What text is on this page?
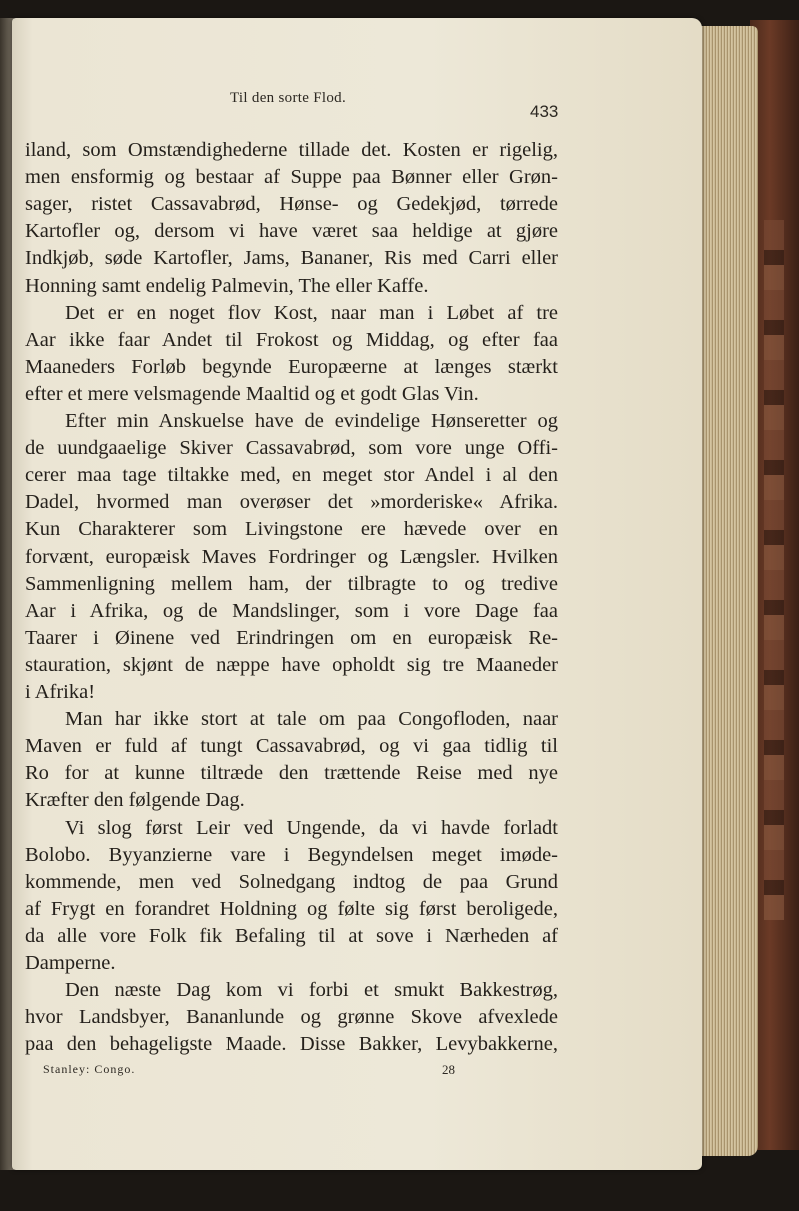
Til den sorte Flod.
433
iland, som Omstændighederne tillade det. Kosten er rigelig,
men ensformig og bestaar af Suppe paa Bønner eller Grøn-
sager, ristet Cassavabrød, Hønse- og Gedekjød, tørrede
Kartofler og, dersom vi have været saa heldige at gjøre
Indkjøb, søde Kartofler, Jams, Bananer, Ris med Carri eller
Honning samt endelig Palmevin, The eller Kaffe.
Det er en noget flov Kost, naar man i Løbet af tre
Aar ikke faar Andet til Frokost og Middag, og efter faa
Maaneders Forløb begynde Europæerne at længes stærkt
efter et mere velsmagende Maaltid og et godt Glas Vin.
Efter min Anskuelse have de evindelige Hønseretter og
de uundgaaelige Skiver Cassavabrød, som vore unge Offi-
cerer maa tage tiltakke med, en meget stor Andel i al den
Dadel, hvormed man overøser det »morderiske« Afrika.
Kun Charakterer som Livingstone ere hævede over en
forvænt, europæisk Maves Fordringer og Længsler. Hvilken
Sammenligning mellem ham, der tilbragte to og tredive
Aar i Afrika, og de Mandslinger, som i vore Dage faa
Taarer i Øinene ved Erindringen om en europæisk Re-
stauration, skjønt de næppe have opholdt sig tre Maaneder
i Afrika!
Man har ikke stort at tale om paa Congofloden, naar
Maven er fuld af tungt Cassavabrød, og vi gaa tidlig til
Ro for at kunne tiltræde den trættende Reise med nye
Kræfter den følgende Dag.
Vi slog først Leir ved Ungende, da vi havde forladt
Bolobo. Byyanzierne vare i Begyndelsen meget imøde-
kommende, men ved Solnedgang indtog de paa Grund
af Frygt en forandret Holdning og følte sig først beroligede,
da alle vore Folk fik Befaling til at sove i Nærheden af
Damperne.
Den næste Dag kom vi forbi et smukt Bakkestrøg,
hvor Landsbyer, Bananlunde og grønne Skove afvexlede
paa den behageligste Maade. Disse Bakker, Levybakkerne,
Stanley: Congo.	28
